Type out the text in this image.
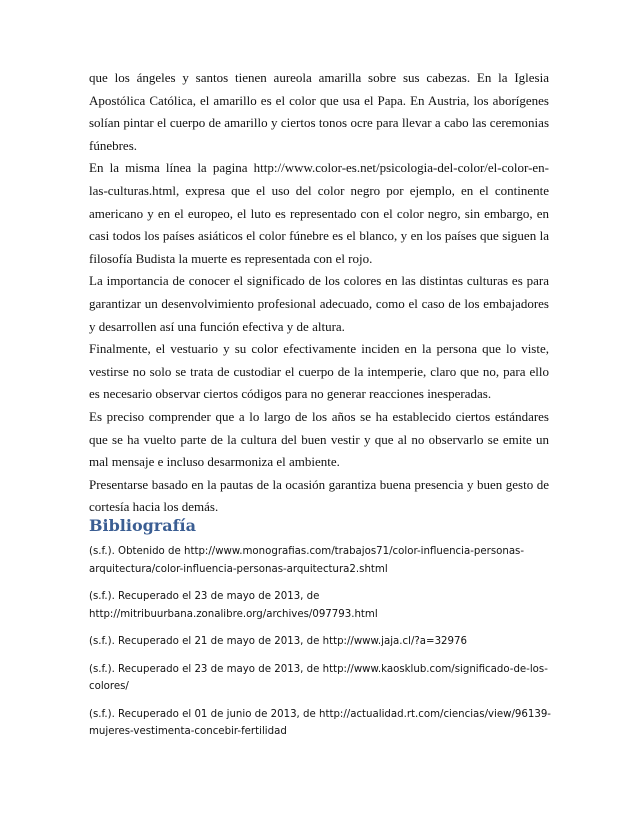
que los ángeles y santos tienen aureola amarilla sobre sus cabezas. En la Iglesia Apostólica Católica, el amarillo es el color que usa el Papa. En Austria, los aborígenes solían pintar el cuerpo de amarillo y ciertos tonos ocre para llevar a cabo las ceremonias fúnebres.

En la misma línea la pagina http://www.color-es.net/psicologia-del-color/el-color-en-las-culturas.html, expresa que el uso del color negro por ejemplo, en el continente americano y en el europeo, el luto es representado con el color negro, sin embargo, en casi todos los países asiáticos el color fúnebre es el blanco, y en los países que siguen la filosofía Budista la muerte es representada con el rojo.

La importancia de conocer el significado de los colores en las distintas culturas es para garantizar un desenvolvimiento profesional adecuado, como el caso de los embajadores y desarrollen así una función efectiva y de altura.

Finalmente, el vestuario y su color efectivamente inciden en la persona que lo viste, vestirse no solo se trata de custodiar el cuerpo de la intemperie, claro que no, para ello es necesario observar ciertos códigos para no generar reacciones inesperadas.

Es preciso comprender que a lo largo de los años se ha establecido ciertos estándares que se ha vuelto parte de la cultura del buen vestir y que al no observarlo se emite un mal mensaje e incluso desarmoniza el ambiente.

Presentarse basado en la pautas de la ocasión garantiza buena presencia y buen gesto de cortesía hacia los demás.

Bibliografía

(s.f.). Obtenido de http://www.monografias.com/trabajos71/color-influencia-personas-arquitectura/color-influencia-personas-arquitectura2.shtml

(s.f.). Recuperado el 23 de mayo de 2013, de http://mitribuurbana.zonalibre.org/archives/097793.html

(s.f.). Recuperado el 21 de mayo de 2013, de http://www.jaja.cl/?a=32976

(s.f.). Recuperado el 23 de mayo de 2013, de http://www.kaosklub.com/significado-de-los-colores/

(s.f.). Recuperado el 01 de junio de 2013, de http://actualidad.rt.com/ciencias/view/96139-mujeres-vestimenta-concebir-fertilidad
